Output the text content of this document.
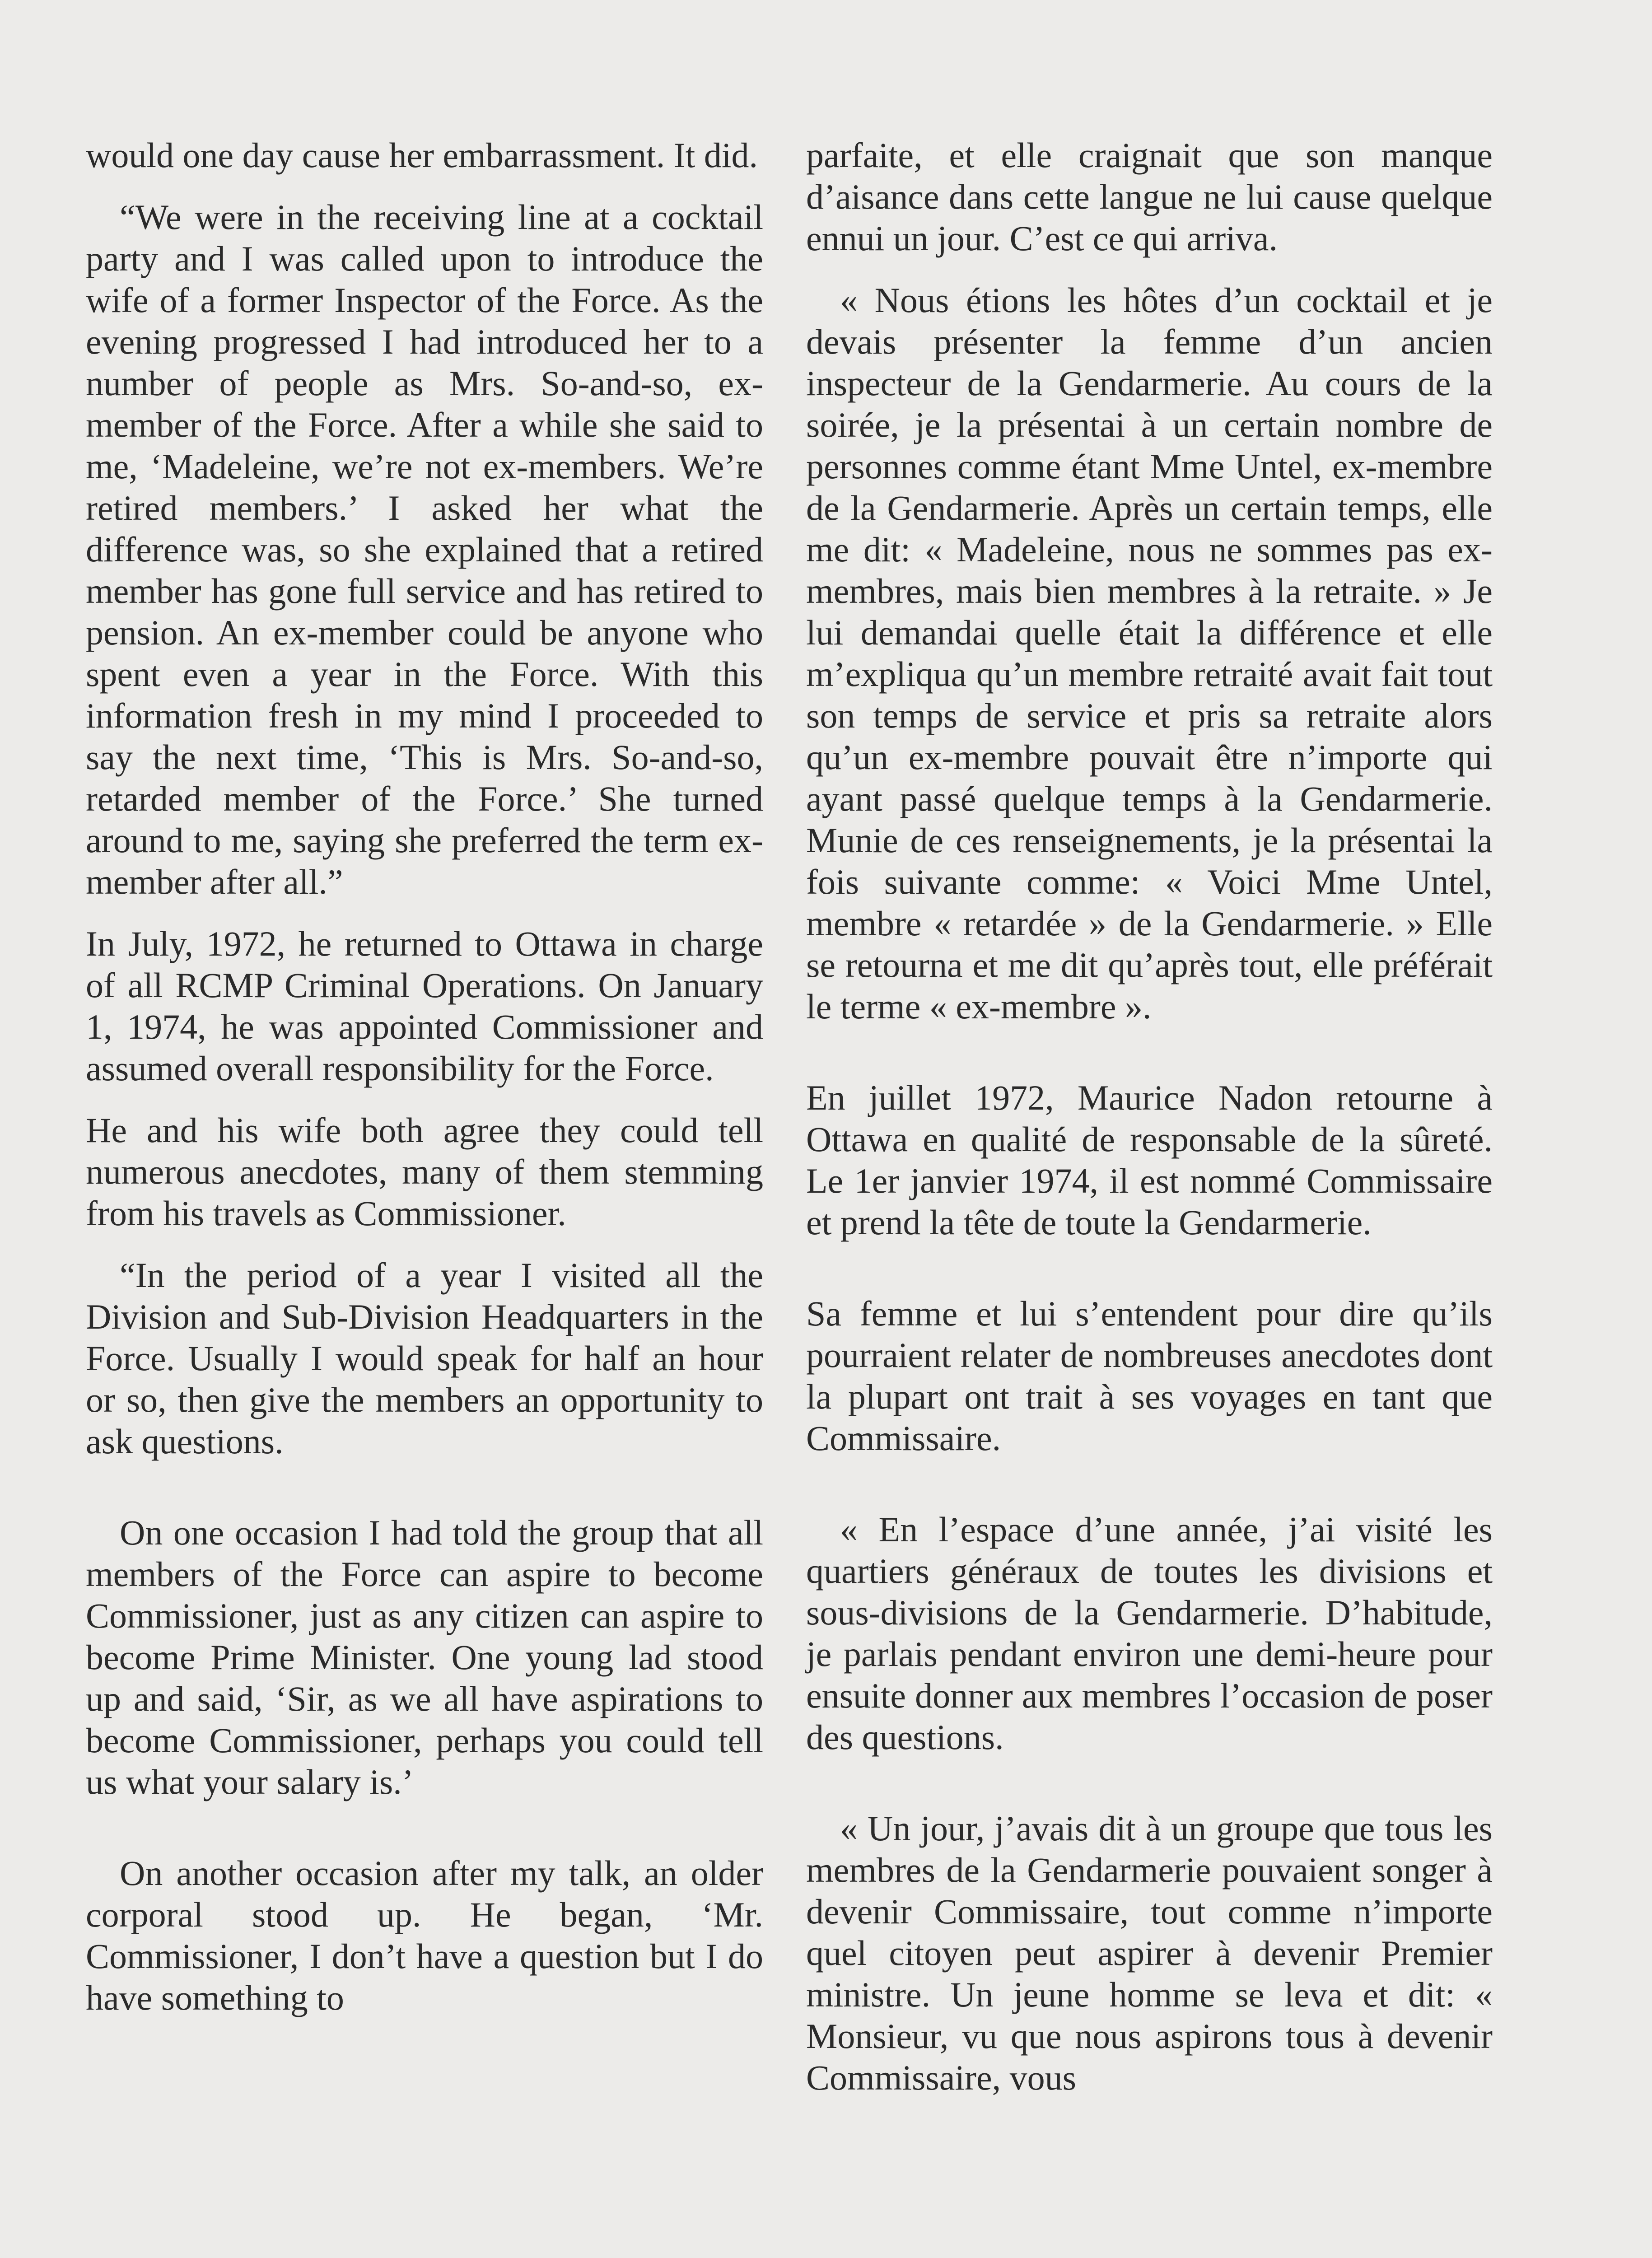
would one day cause her embarrassment. It did.

“We were in the receiving line at a cocktail party and I was called upon to introduce the wife of a former Inspector of the Force. As the evening progressed I had introduced her to a number of people as Mrs. So-and-so, ex-member of the Force. After a while she said to me, ‘Madeleine, we’re not ex-members. We’re retired members.’ I asked her what the difference was, so she explained that a retired member has gone full service and has retired to pension. An ex-member could be anyone who spent even a year in the Force. With this information fresh in my mind I proceeded to say the next time, ‘This is Mrs. So-and-so, retarded member of the Force.’ She turned around to me, saying she preferred the term ex-member after all.”

In July, 1972, he returned to Ottawa in charge of all RCMP Criminal Operations. On January 1, 1974, he was appointed Commissioner and assumed overall responsibility for the Force.

He and his wife both agree they could tell numerous anecdotes, many of them stemming from his travels as Commissioner.

“In the period of a year I visited all the Division and Sub-Division Headquarters in the Force. Usually I would speak for half an hour or so, then give the members an opportunity to ask questions.

On one occasion I had told the group that all members of the Force can aspire to become Commissioner, just as any citizen can aspire to become Prime Minister. One young lad stood up and said, ‘Sir, as we all have aspirations to become Commissioner, perhaps you could tell us what your salary is.’

On another occasion after my talk, an older corporal stood up. He began, ‘Mr. Commissioner, I don’t have a question but I do have something to

parfaite, et elle craignait que son manque d’aisance dans cette langue ne lui cause quelque ennui un jour. C’est ce qui arriva.

« Nous étions les hôtes d’un cocktail et je devais présenter la femme d’un ancien inspecteur de la Gendarmerie. Au cours de la soirée, je la présentai à un certain nombre de personnes comme étant Mme Untel, ex-membre de la Gendarmerie. Après un certain temps, elle me dit: « Madeleine, nous ne sommes pas ex-membres, mais bien membres à la retraite. » Je lui demandai quelle était la différence et elle m’expliqua qu’un membre retraité avait fait tout son temps de service et pris sa retraite alors qu’un ex-membre pouvait être n’importe qui ayant passé quelque temps à la Gendarmerie. Munie de ces renseignements, je la présentai la fois suivante comme: « Voici Mme Untel, membre « retardée » de la Gendarmerie. » Elle se retourna et me dit qu’après tout, elle préférait le terme « ex-membre ».

En juillet 1972, Maurice Nadon retourne à Ottawa en qualité de responsable de la sûreté. Le 1er janvier 1974, il est nommé Commissaire et prend la tête de toute la Gendarmerie.

Sa femme et lui s’entendent pour dire qu’ils pourraient relater de nombreuses anecdotes dont la plupart ont trait à ses voyages en tant que Commissaire.

« En l’espace d’une année, j’ai visité les quartiers généraux de toutes les divisions et sous-divisions de la Gendarmerie. D’habitude, je parlais pendant environ une demi-heure pour ensuite donner aux membres l’occasion de poser des questions.

« Un jour, j’avais dit à un groupe que tous les membres de la Gendarmerie pouvaient songer à devenir Commissaire, tout comme n’importe quel citoyen peut aspirer à devenir Premier ministre. Un jeune homme se leva et dit: « Monsieur, vu que nous aspirons tous à devenir Commissaire, vous
